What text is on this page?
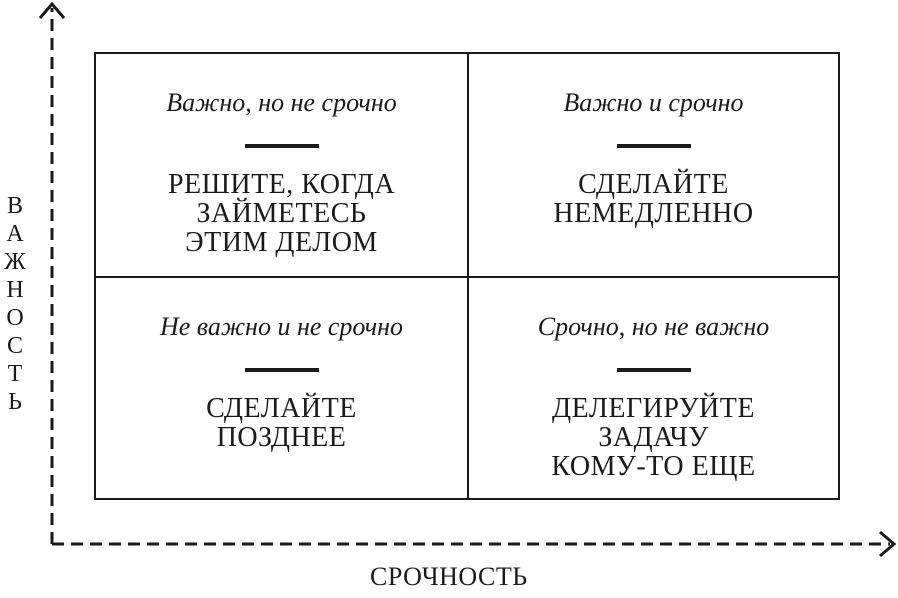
В
А
Ж
Н
О
С
Т
Ь
СРОЧНОСТЬ
Важно, но не срочно
РЕШИТЕ, КОГДА
ЗАЙМЕТЕСЬ
ЭТИМ ДЕЛОМ
Важно и срочно
СДЕЛАЙТЕ
НЕМЕДЛЕННО
Не важно и не срочно
СДЕЛАЙТЕ
ПОЗДНЕЕ
Срочно, но не важно
ДЕЛЕГИРУЙТЕ
ЗАДАЧУ
КОМУ-ТО ЕЩЕ
